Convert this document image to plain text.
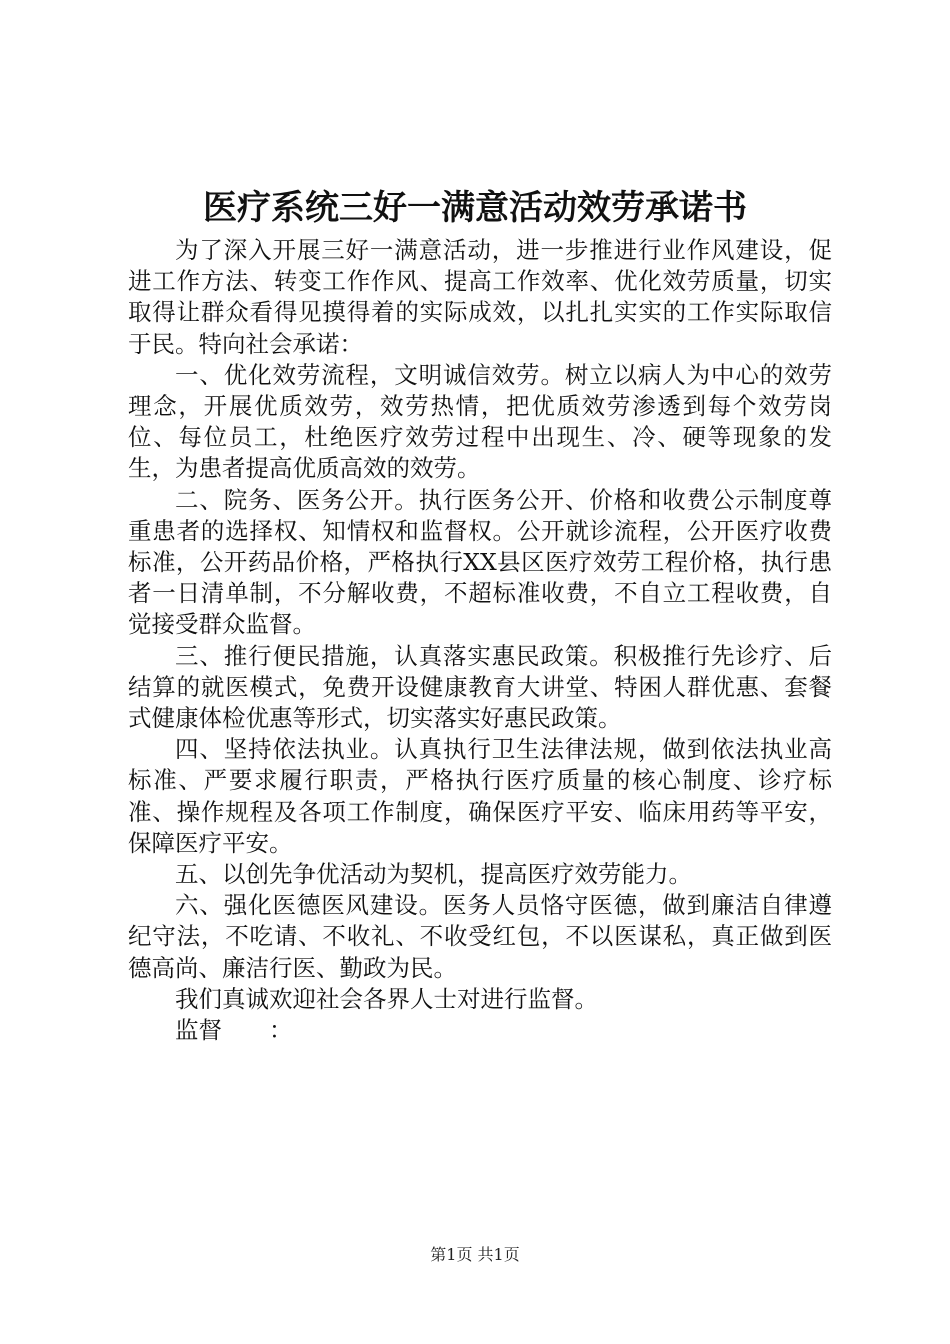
医疗系统三好一满意活动效劳承诺书

为了深入开展三好一满意活动，进一步推进行业作风建设，促进工作方法、转变工作作风、提高工作效率、优化效劳质量，切实取得让群众看得见摸得着的实际成效，以扎扎实实的工作实际取信于民。特向社会承诺：

一、优化效劳流程，文明诚信效劳。树立以病人为中心的效劳理念，开展优质效劳，效劳热情，把优质效劳渗透到每个效劳岗位、每位员工，杜绝医疗效劳过程中出现生、冷、硬等现象的发生，为患者提高优质高效的效劳。

二、院务、医务公开。执行医务公开、价格和收费公示制度尊重患者的选择权、知情权和监督权。公开就诊流程，公开医疗收费标准，公开药品价格，严格执行XX县区医疗效劳工程价格，执行患者一日清单制，不分解收费，不超标准收费，不自立工程收费，自觉接受群众监督。

三、推行便民措施，认真落实惠民政策。积极推行先诊疗、后结算的就医模式，免费开设健康教育大讲堂、特困人群优惠、套餐式健康体检优惠等形式，切实落实好惠民政策。

四、坚持依法执业。认真执行卫生法律法规，做到依法执业高标准、严要求履行职责，严格执行医疗质量的核心制度、诊疗标准、操作规程及各项工作制度，确保医疗平安、临床用药等平安，保障医疗平安。

五、以创先争优活动为契机，提高医疗效劳能力。

六、强化医德医风建设。医务人员恪守医德，做到廉洁自律遵纪守法，不吃请、不收礼、不收受红包，不以医谋私，真正做到医德高尚、廉洁行医、勤政为民。

我们真诚欢迎社会各界人士对进行监督。

监督　　：

第1页 共1页
